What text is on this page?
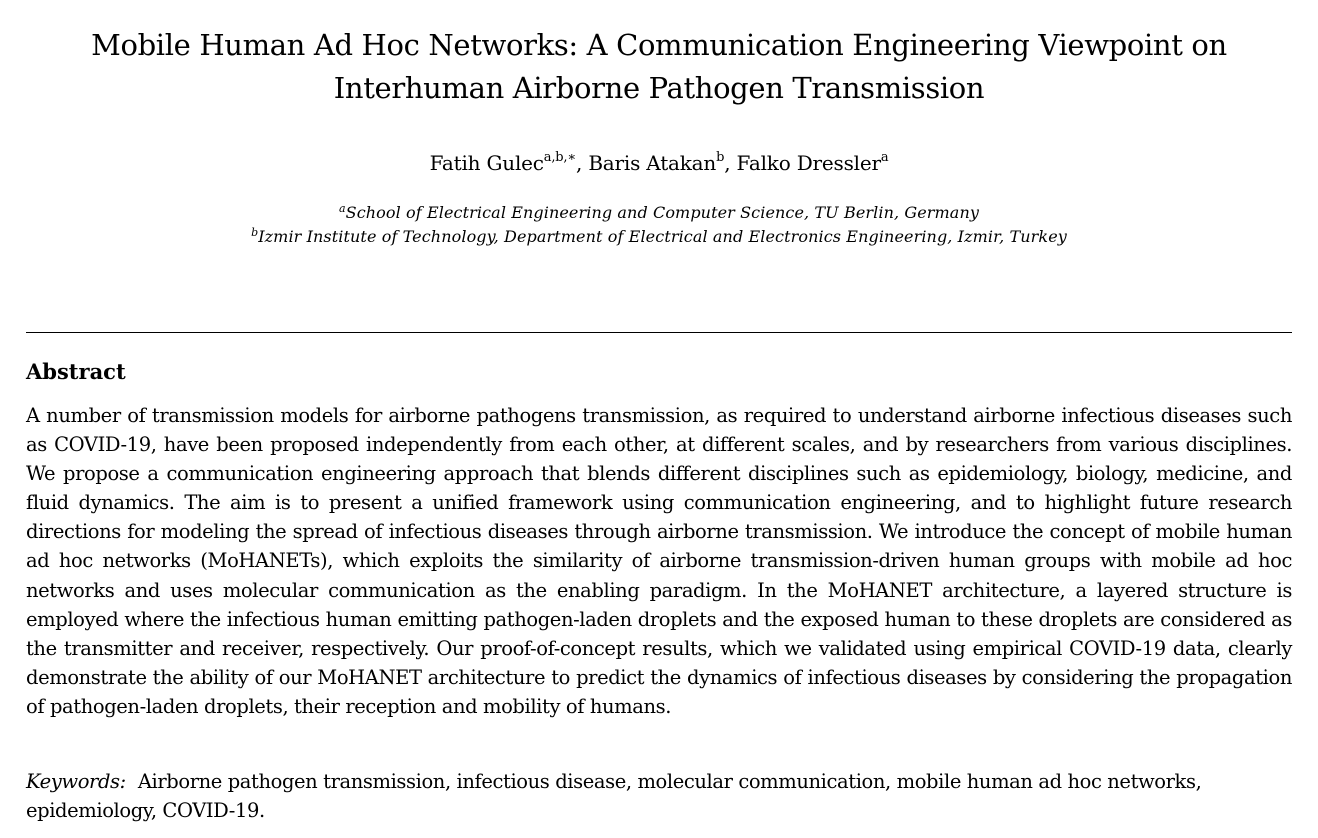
Mobile Human Ad Hoc Networks: A Communication Engineering Viewpoint on Interhuman Airborne Pathogen Transmission
Fatih Gulec$^{a,b,∗}$, Baris Atakan$^b$, Falko Dressler$^a$
$^a$School of Electrical Engineering and Computer Science, TU Berlin, Germany
$^b$Izmir Institute of Technology, Department of Electrical and Electronics Engineering, Izmir, Turkey
Abstract

A number of transmission models for airborne pathogens transmission, as required to understand airborne infectious diseases such as COVID-19, have been proposed independently from each other, at different scales, and by researchers from various disciplines. We propose a communication engineering approach that blends different disciplines such as epidemiology, biology, medicine, and fluid dynamics. The aim is to present a unified framework using communication engineering, and to highlight future research directions for modeling the spread of infectious diseases through airborne transmission. We introduce the concept of mobile human ad hoc networks (MoHANETs), which exploits the similarity of airborne transmission-driven human groups with mobile ad hoc networks and uses molecular communication as the enabling paradigm. In the MoHANET architecture, a layered structure is employed where the infectious human emitting pathogen-laden droplets and the exposed human to these droplets are considered as the transmitter and receiver, respectively. Our proof-of-concept results, which we validated using empirical COVID-19 data, clearly demonstrate the ability of our MoHANET architecture to predict the dynamics of infectious diseases by considering the propagation of pathogen-laden droplets, their reception and mobility of humans.

Keywords: Airborne pathogen transmission, infectious disease, molecular communication, mobile human ad hoc networks, epidemiology, COVID-19.
